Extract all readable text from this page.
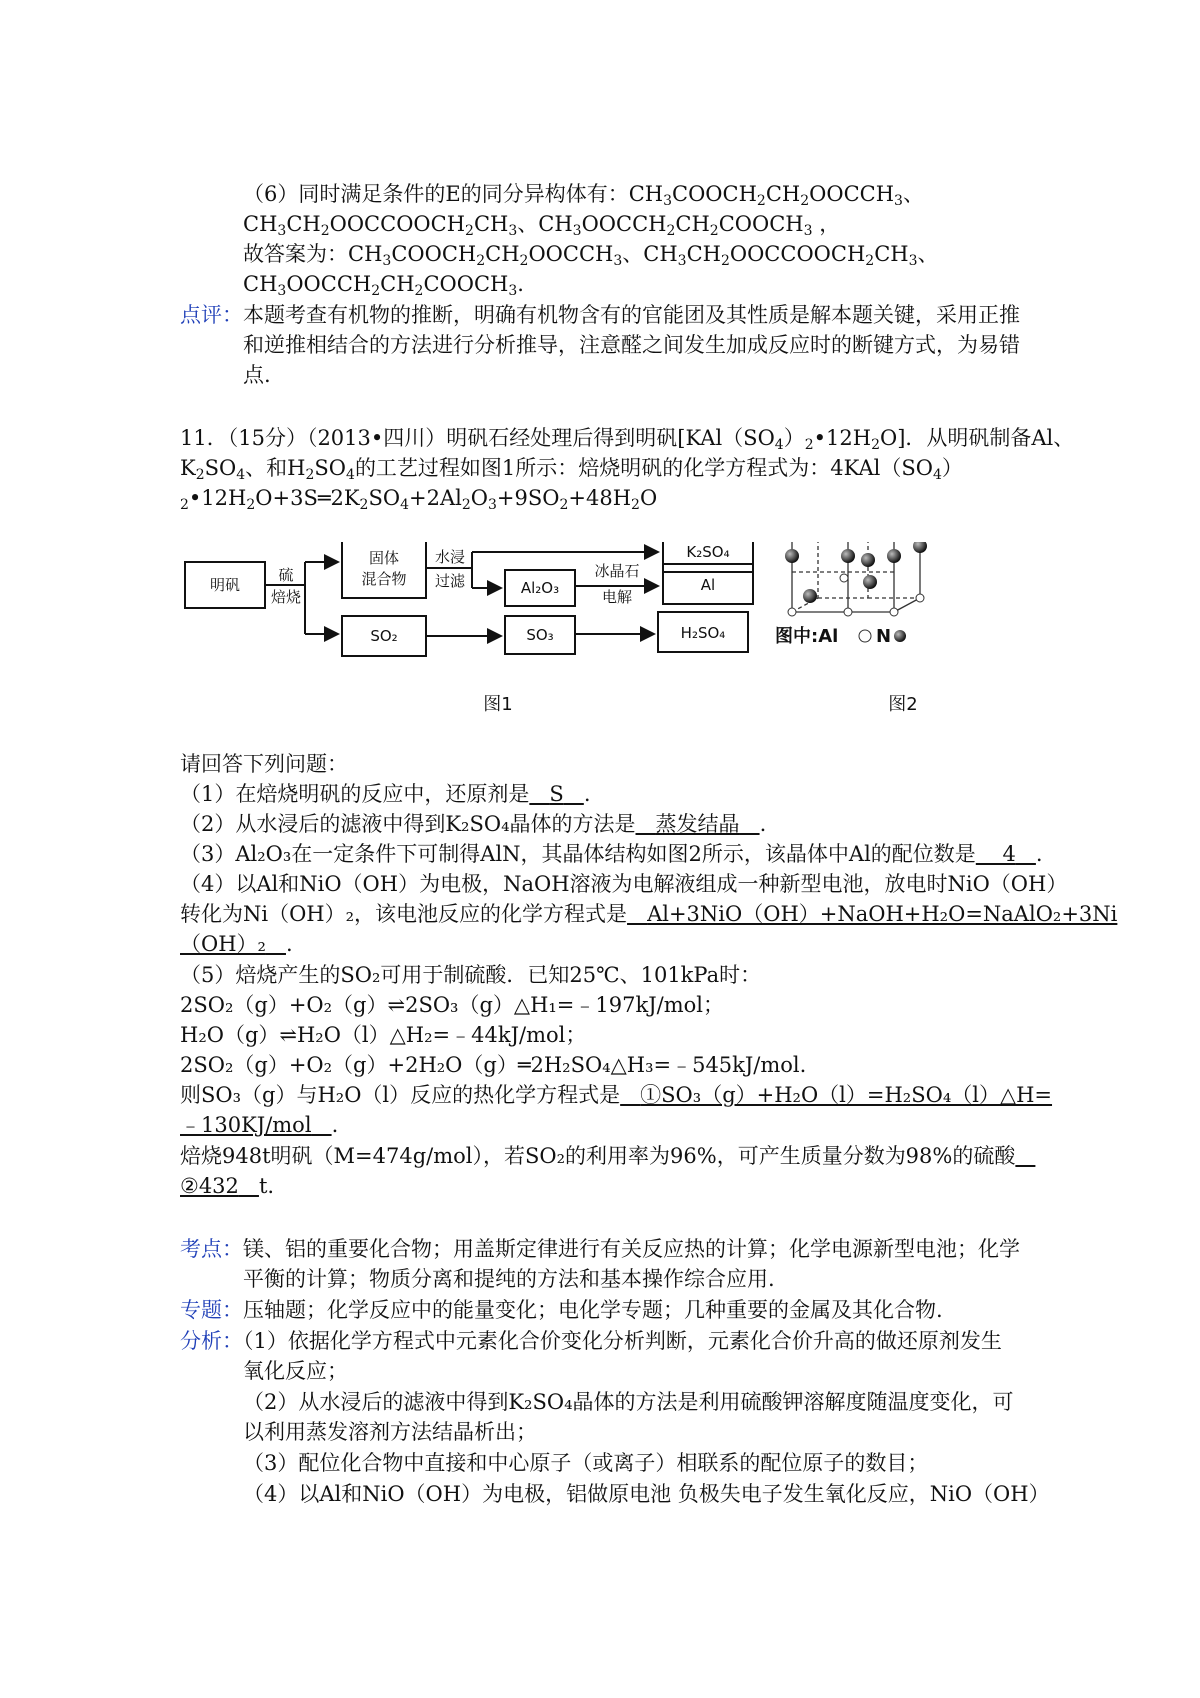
（6）同时满足条件的E的同分异构体有：$CH_3COOCH_2CH_2OOCCH_3$、
$CH_3CH_2OOCCOOCH_2CH_3$、$CH_3OOCCH_2CH_2COOCH_3$ ，
故答案为：$CH_3COOCH_2CH_2OOCCH_3$、$CH_3CH_2OOCCOOCH_2CH_3$、
$CH_3OOCCH_2CH_2COOCH_3$.
点评：本题考查有机物的推断，明确有机物含有的官能团及其性质是解本题关键，采用正推
和逆推相结合的方法进行分析推导，注意醛之间发生加成反应时的断键方式，为易错
点.
11．（15分）（2013•四川）明矾石经处理后得到明矾$[KAl(SO_4)_2•12H_2O]$．从明矾制备Al、
$K_2SO_4$、和$H_2SO_4$的工艺过程如图1所示：焙烧明矾的化学方程式为：$4KAl(SO_4)$
$_2•12H_2O+3S═2K_2SO_4+2Al_2O_3+9SO_2+48H_2O$
明矾
硫
焙烧
固体
混合物
水浸
过滤
K₂SO₄
Al₂O₃
冰晶石
电解
Al
SO₂	SO₃	H₂SO₄
图1	图2
图中:Al N
请回答下列问题：
（1）在焙烧明矾的反应中，还原剂是 S .
（2）从水浸后的滤液中得到K₂SO₄晶体的方法是 蒸发结晶 .
（3）Al₂O₃在一定条件下可制得AlN，其晶体结构如图2所示，该晶体中Al的配位数是 4 .
（4）以Al和NiO（OH）为电极，NaOH溶液为电解液组成一种新型电池，放电时NiO（OH）
转化为Ni（OH）₂，该电池反应的化学方程式是 Al+3NiO（OH）+NaOH+H₂O=NaAlO₂+3Ni
（OH）₂ .
（5）焙烧产生的SO₂可用于制硫酸．已知25℃、101kPa时：
2SO₂（g）+O₂（g）⇌2SO₃（g）△H₁=﹣197kJ/mol；
H₂O（g）⇌H₂O（l）△H₂=﹣44kJ/mol；
2SO₂（g）+O₂（g）+2H₂O（g）═2H₂SO₄△H₃=﹣545kJ/mol.
则SO₃（g）与H₂O（l）反应的热化学方程式是 ①SO₃（g）+H₂O（l）=H₂SO₄（l）△H=
﹣130KJ/mol .
焙烧948t明矾（M=474g/mol），若SO₂的利用率为96%，可产生质量分数为98%的硫酸
②432 t.
考点：镁、铝的重要化合物；用盖斯定律进行有关反应热的计算；化学电源新型电池；化学
平衡的计算；物质分离和提纯的方法和基本操作综合应用.
专题：压轴题；化学反应中的能量变化；电化学专题；几种重要的金属及其化合物.
分析：（1）依据化学方程式中元素化合价变化分析判断，元素化合价升高的做还原剂发生
氧化反应；
（2）从水浸后的滤液中得到K₂SO₄晶体的方法是利用硫酸钾溶解度随温度变化，可
以利用蒸发溶剂方法结晶析出；
（3）配位化合物中直接和中心原子（或离子）相联系的配位原子的数目；
（4）以Al和NiO（OH）为电极，铝做原电池 负极失电子发生氧化反应，NiO（OH）
